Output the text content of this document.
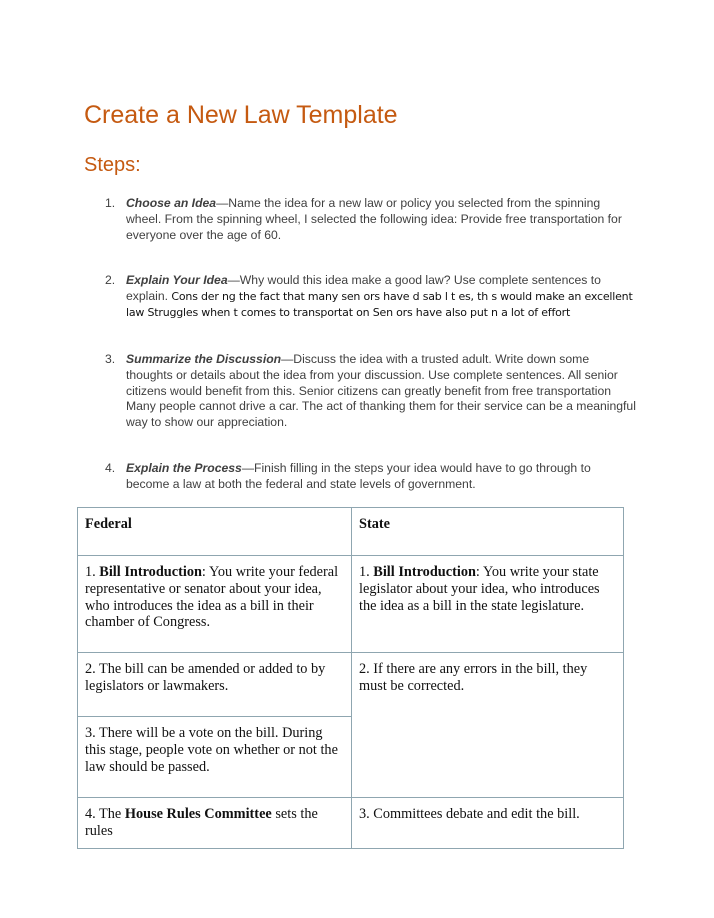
Create a New Law Template
Steps:
1. Choose an Idea—Name the idea for a new law or policy you selected from the spinning wheel. From the spinning wheel, I selected the following idea: Provide free transportation for everyone over the age of 60.
2. Explain Your Idea—Why would this idea make a good law? Use complete sentences to explain. Cons der ng the fact that many sen ors have d sab l t es, th s would make an excellent
law Struggles when t comes to transportat on Sen ors have also put n a lot of effort
3. Summarize the Discussion—Discuss the idea with a trusted adult. Write down some thoughts or details about the idea from your discussion. Use complete sentences. All senior citizens would benefit from this. Senior citizens can greatly benefit from free transportation Many people cannot drive a car. The act of thanking them for their service can be a meaningful way to show our appreciation.
4. Explain the Process—Finish filling in the steps your idea would have to go through to become a law at both the federal and state levels of government.
Federal	State
1. Bill Introduction: You write your federal representative or senator about your idea, who introduces the idea as a bill in their chamber of Congress.	1. Bill Introduction: You write your state legislator about your idea, who introduces the idea as a bill in the state legislature.
2. The bill can be amended or added to by legislators or lawmakers.	2. If there are any errors in the bill, they must be corrected.
3. There will be a vote on the bill. During this stage, people vote on whether or not the law should be passed.	
4. The House Rules Committee sets the rules	3. Committees debate and edit the bill.
